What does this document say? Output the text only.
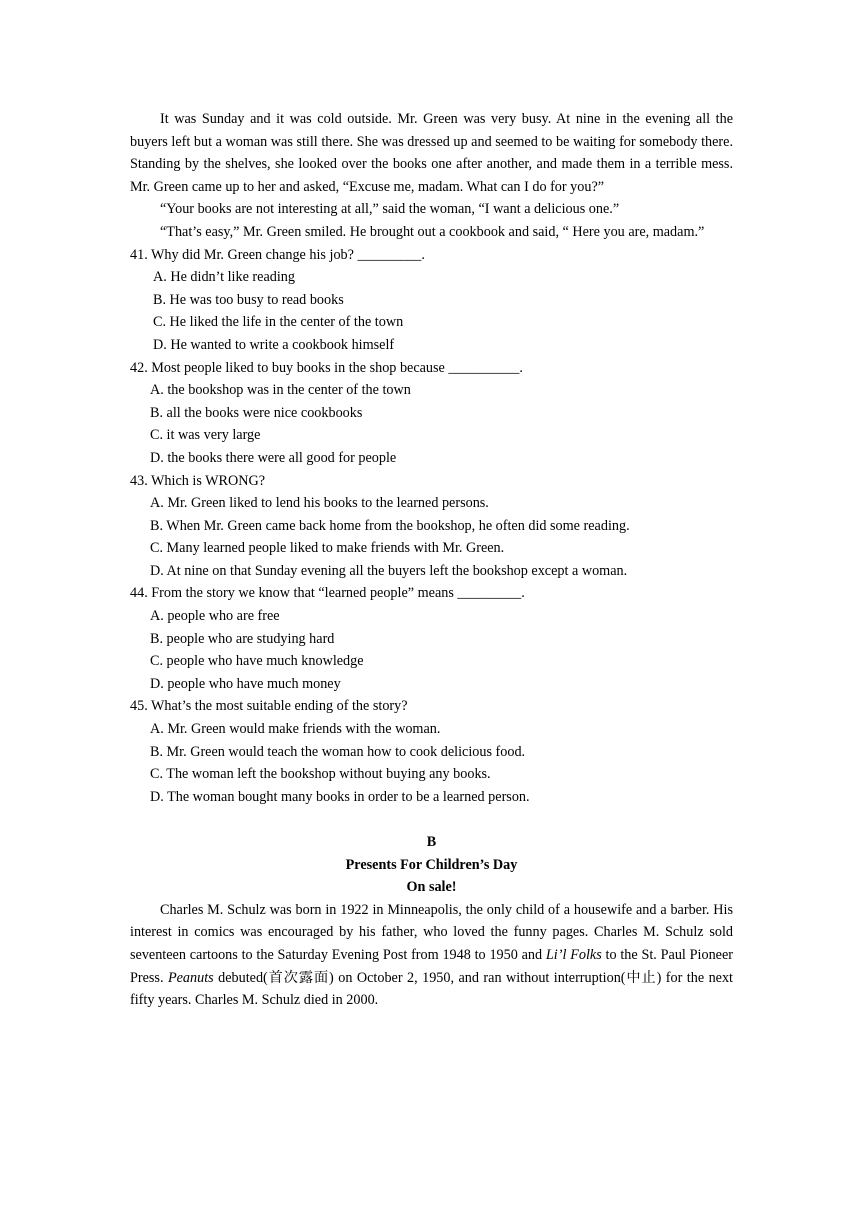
It was Sunday and it was cold outside. Mr. Green was very busy. At nine in the evening all the buyers left but a woman was still there. She was dressed up and seemed to be waiting for somebody there. Standing by the shelves, she looked over the books one after another, and made them in a terrible mess. Mr. Green came up to her and asked, “Excuse me, madam. What can I do for you?”

“Your books are not interesting at all,” said the woman, “I want a delicious one.”

“That’s easy,” Mr. Green smiled. He brought out a cookbook and said, “ Here you are, madam.”

41. Why did Mr. Green change his job? _________.

A. He didn’t like reading

B. He was too busy to read books

C. He liked the life in the center of the town

D. He wanted to write a cookbook himself

42. Most people liked to buy books in the shop because __________.

A. the bookshop was in the center of the town

B. all the books were nice cookbooks

C. it was very large

D. the books there were all good for people

43. Which is WRONG?

A. Mr. Green liked to lend his books to the learned persons.

B. When Mr. Green came back home from the bookshop, he often did some reading.

C. Many learned people liked to make friends with Mr. Green.

D. At nine on that Sunday evening all the buyers left the bookshop except a woman.

44. From the story we know that “learned people” means _________.

A. people who are free

B. people who are studying hard

C. people who have much knowledge

D. people who have much money

45. What’s the most suitable ending of the story?

A. Mr. Green would make friends with the woman.

B. Mr. Green would teach the woman how to cook delicious food.

C. The woman left the bookshop without buying any books.

D. The woman bought many books in order to be a learned person.

B

Presents For Children’s Day

On sale!

Charles M. Schulz was born in 1922 in Minneapolis, the only child of a housewife and a barber. His interest in comics was encouraged by his father, who loved the funny pages. Charles M. Schulz sold seventeen cartoons to the Saturday Evening Post from 1948 to 1950 and Li’l Folks to the St. Paul Pioneer Press. Peanuts debuted(首次露面) on October 2, 1950, and ran without interruption(中止) for the next fifty years. Charles M. Schulz died in 2000.
